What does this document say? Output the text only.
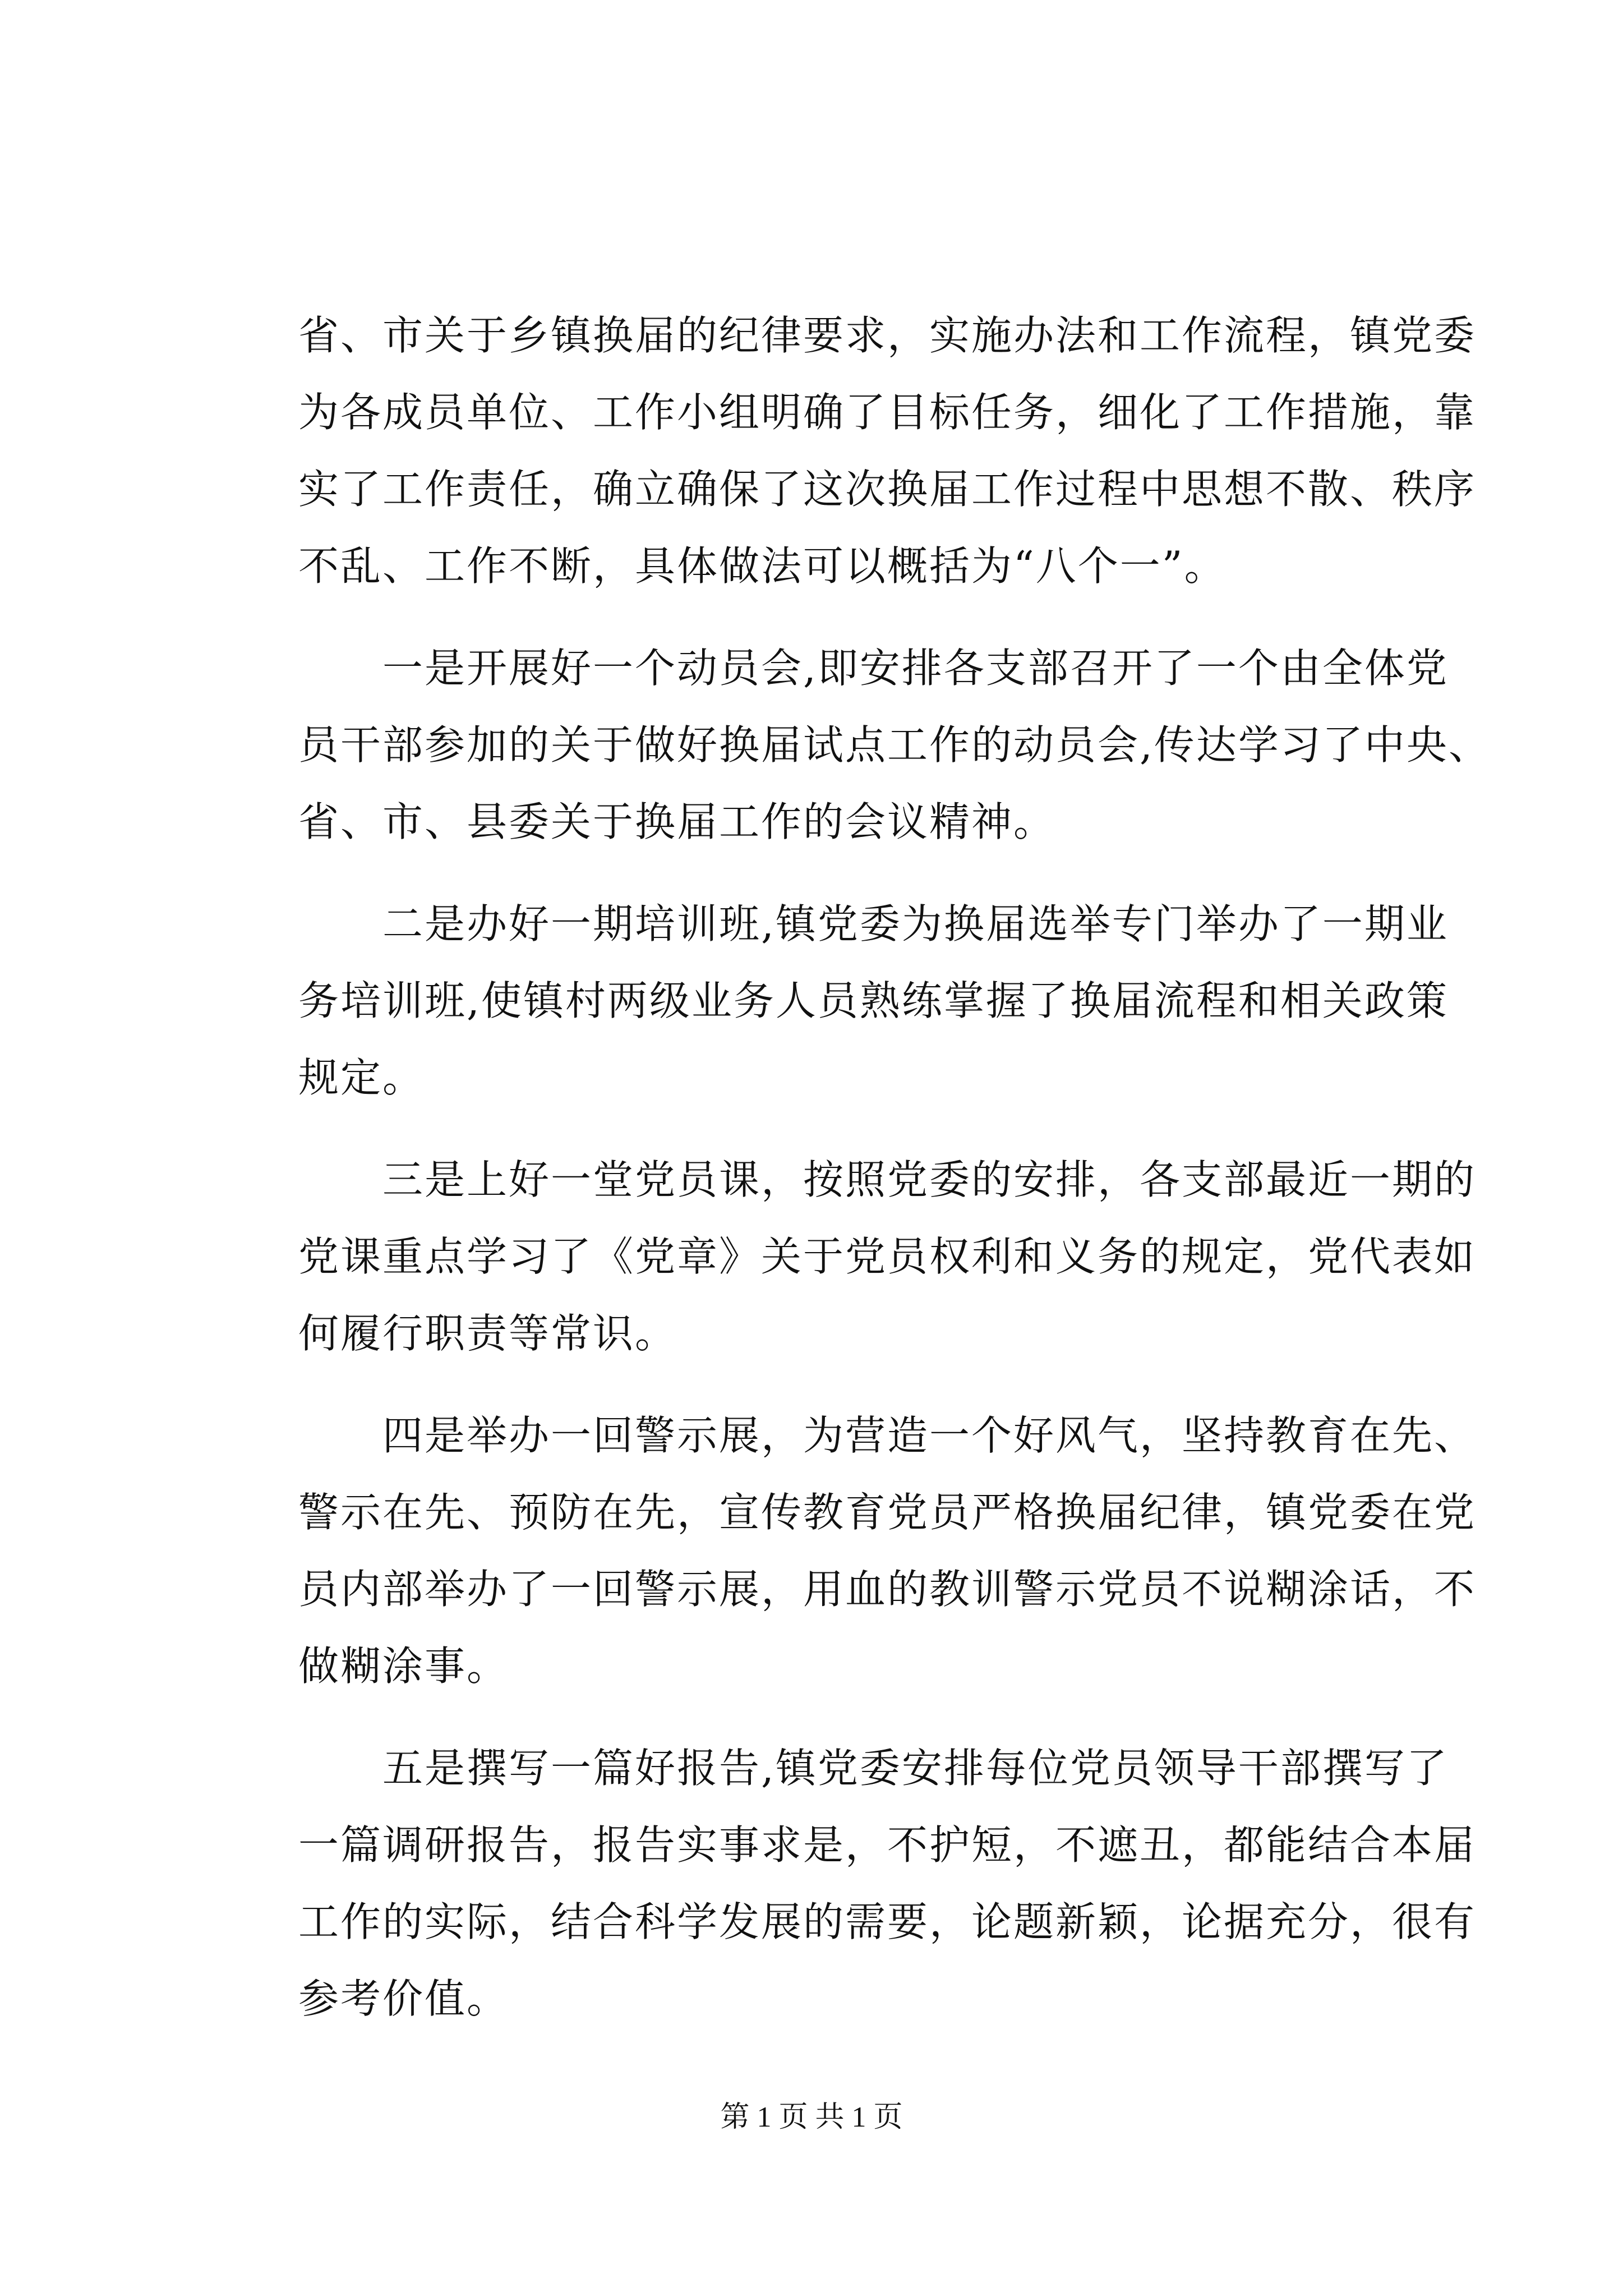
省、市关于乡镇换届的纪律要求，实施办法和工作流程，镇党委
为各成员单位、工作小组明确了目标任务，细化了工作措施，靠
实了工作责任，确立确保了这次换届工作过程中思想不散、秩序
不乱、工作不断，具体做法可以概括为“八个一”。
一是开展好一个动员会,即安排各支部召开了一个由全体党
员干部参加的关于做好换届试点工作的动员会,传达学习了中央、
省、市、县委关于换届工作的会议精神。
二是办好一期培训班,镇党委为换届选举专门举办了一期业
务培训班,使镇村两级业务人员熟练掌握了换届流程和相关政策
规定。
三是上好一堂党员课，按照党委的安排，各支部最近一期的
党课重点学习了《党章》关于党员权利和义务的规定，党代表如
何履行职责等常识。
四是举办一回警示展，为营造一个好风气，坚持教育在先、
警示在先、预防在先，宣传教育党员严格换届纪律，镇党委在党
员内部举办了一回警示展，用血的教训警示党员不说糊涂话，不
做糊涂事。
五是撰写一篇好报告,镇党委安排每位党员领导干部撰写了
一篇调研报告，报告实事求是，不护短，不遮丑，都能结合本届
工作的实际，结合科学发展的需要，论题新颖，论据充分，很有
参考价值。
第 1 页 共 1 页
